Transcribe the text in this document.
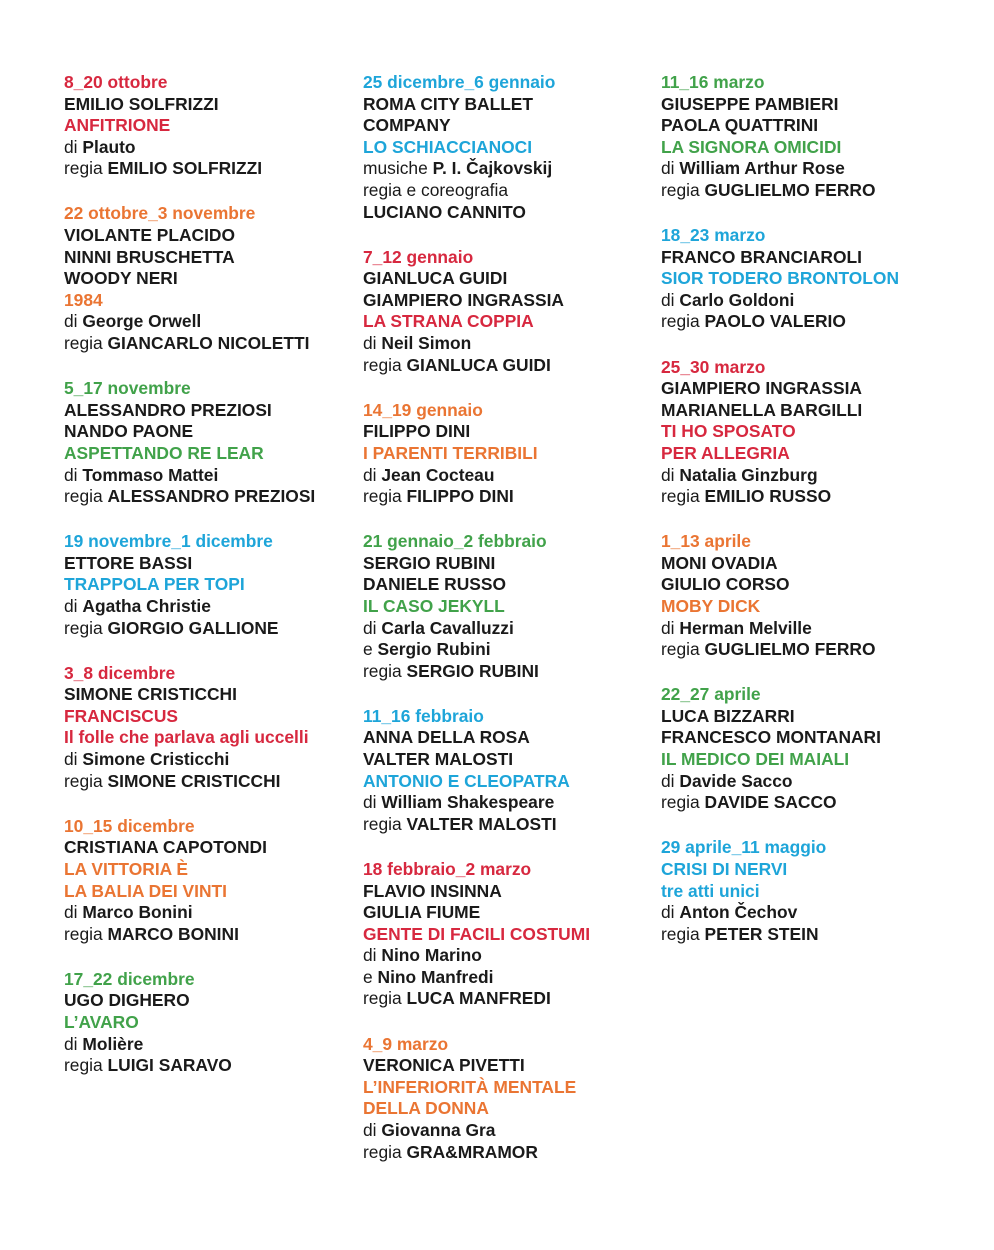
8_20 ottobre
EMILIO SOLFRIZZI
ANFITRIONE
di Plauto
regia EMILIO SOLFRIZZI
22 ottobre_3 novembre
VIOLANTE PLACIDO
NINNI BRUSCHETTA
WOODY NERI
1984
di George Orwell
regia GIANCARLO NICOLETTI
5_17 novembre
ALESSANDRO PREZIOSI
NANDO PAONE
ASPETTANDO RE LEAR
di Tommaso Mattei
regia ALESSANDRO PREZIOSI
19 novembre_1 dicembre
ETTORE BASSI
TRAPPOLA PER TOPI
di Agatha Christie
regia GIORGIO GALLIONE
3_8 dicembre
SIMONE CRISTICCHI
FRANCISCUS
Il folle che parlava agli uccelli
di Simone Cristicchi
regia SIMONE CRISTICCHI
10_15 dicembre
CRISTIANA CAPOTONDI
LA VITTORIA È
LA BALIA DEI VINTI
di Marco Bonini
regia MARCO BONINI
17_22 dicembre
UGO DIGHERO
L’AVARO
di Molière
regia LUIGI SARAVO
25 dicembre_6 gennaio
ROMA CITY BALLET
COMPANY
LO SCHIACCIANOCI
musiche P. I. Čajkovskij
regia e coreografia
LUCIANO CANNITO
7_12 gennaio
GIANLUCA GUIDI
GIAMPIERO INGRASSIA
LA STRANA COPPIA
di Neil Simon
regia GIANLUCA GUIDI
14_19 gennaio
FILIPPO DINI
I PARENTI TERRIBILI
di Jean Cocteau
regia FILIPPO DINI
21 gennaio_2 febbraio
SERGIO RUBINI
DANIELE RUSSO
IL CASO JEKYLL
di Carla Cavalluzzi
e Sergio Rubini
regia SERGIO RUBINI
11_16 febbraio
ANNA DELLA ROSA
VALTER MALOSTI
ANTONIO E CLEOPATRA
di William Shakespeare
regia VALTER MALOSTI
18 febbraio_2 marzo
FLAVIO INSINNA
GIULIA FIUME
GENTE DI FACILI COSTUMI
di Nino Marino
e Nino Manfredi
regia LUCA MANFREDI
4_9 marzo
VERONICA PIVETTI
L’INFERIORITÀ MENTALE
DELLA DONNA
di Giovanna Gra
regia GRA&MRAMOR
11_16 marzo
GIUSEPPE PAMBIERI
PAOLA QUATTRINI
LA SIGNORA OMICIDI
di William Arthur Rose
regia GUGLIELMO FERRO
18_23 marzo
FRANCO BRANCIAROLI
SIOR TODERO BRONTOLON
di Carlo Goldoni
regia PAOLO VALERIO
25_30 marzo
GIAMPIERO INGRASSIA
MARIANELLA BARGILLI
TI HO SPOSATO
PER ALLEGRIA
di Natalia Ginzburg
regia EMILIO RUSSO
1_13 aprile
MONI OVADIA
GIULIO CORSO
MOBY DICK
di Herman Melville
regia GUGLIELMO FERRO
22_27 aprile
LUCA BIZZARRI
FRANCESCO MONTANARI
IL MEDICO DEI MAIALI
di Davide Sacco
regia DAVIDE SACCO
29 aprile_11 maggio
CRISI DI NERVI
tre atti unici
di Anton Čechov
regia PETER STEIN
